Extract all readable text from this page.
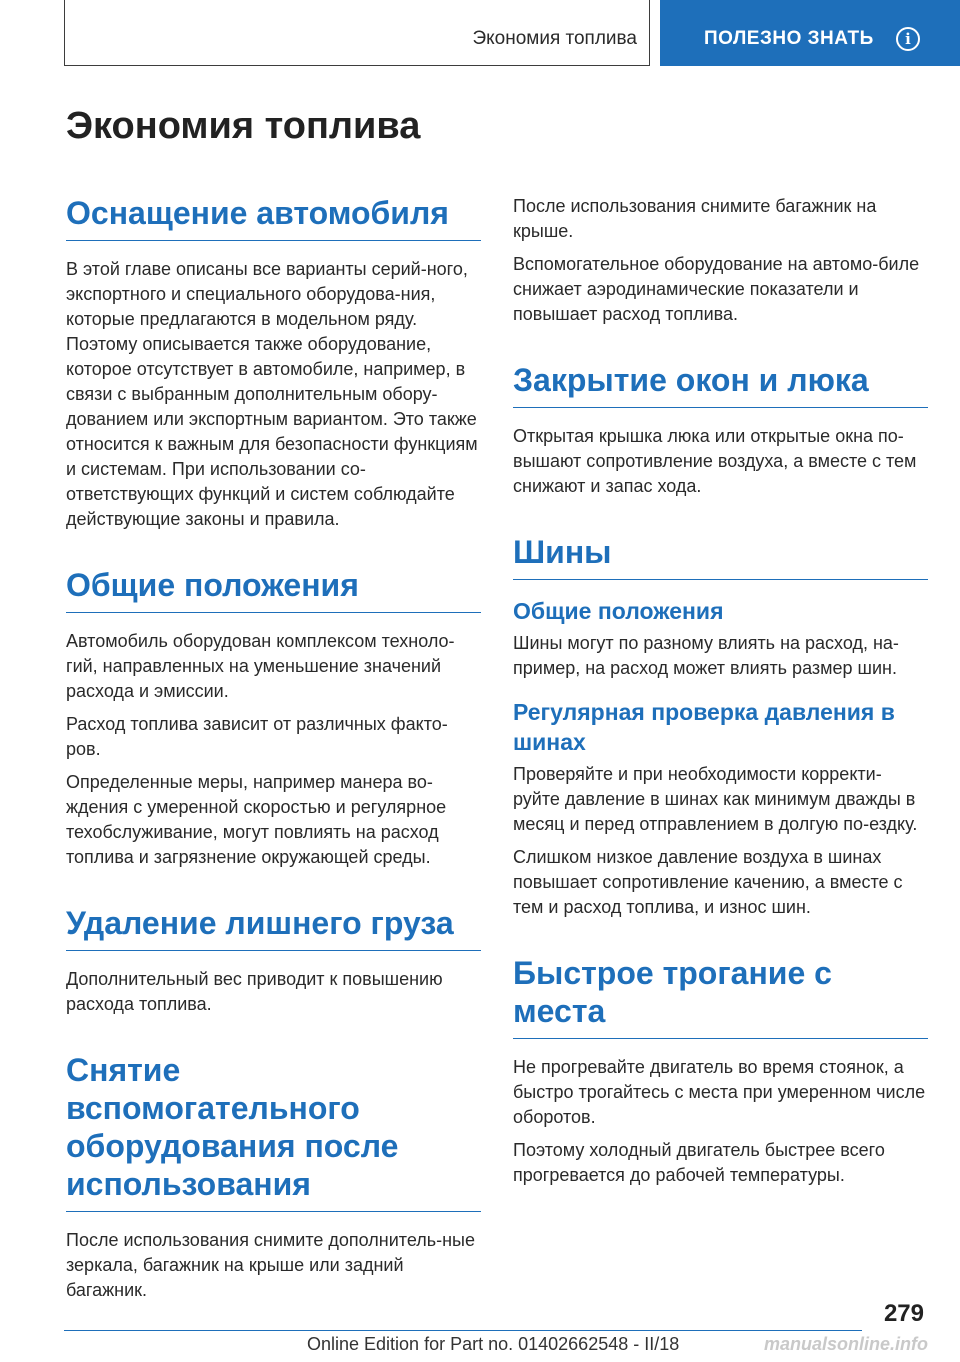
Экономия топлива	ПОЛЕЗНО ЗНАТЬ	i
Экономия топлива
Оснащение автомобиля

В этой главе описаны все варианты серий-ного, экспортного и специального оборудова-ния, которые предлагаются в модельном ряду. Поэтому описывается также оборудование, которое отсутствует в автомобиле, например, в связи с выбранным дополнительным обору-дованием или экспортным вариантом. Это также относится к важным для безопасности функциям и системам. При использовании со-ответствующих функций и систем соблюдайте действующие законы и правила.

Общие положения

Автомобиль оборудован комплексом техноло-гий, направленных на уменьшение значений расхода и эмиссии.

Расход топлива зависит от различных факто-ров.

Определенные меры, например манера во-ждения с умеренной скоростью и регулярное техобслуживание, могут повлиять на расход топлива и загрязнение окружающей среды.

Удаление лишнего груза

Дополнительный вес приводит к повышению расхода топлива.

Снятие вспомогательного оборудования после использования

После использования снимите дополнитель-ные зеркала, багажник на крыше или задний багажник.

После использования снимите багажник на крыше.

Вспомогательное оборудование на автомо-биле снижает аэродинамические показатели и повышает расход топлива.

Закрытие окон и люка

Открытая крышка люка или открытые окна по-вышают сопротивление воздуха, а вместе с тем снижают и запас хода.

Шины
Общие положения

Шины могут по разному влиять на расход, на-пример, на расход может влиять размер шин.

Регулярная проверка давления в шинах

Проверяйте и при необходимости корректи-руйте давление в шинах как минимум дважды в месяц и перед отправлением в долгую по-ездку.

Слишком низкое давление воздуха в шинах повышает сопротивление качению, а вместе с тем и расход топлива, и износ шин.

Быстрое трогание с места

Не прогревайте двигатель во время стоянок, а быстро трогайтесь с места при умеренном числе оборотов.

Поэтому холодный двигатель быстрее всего прогревается до рабочей температуры.

279
Online Edition for Part no. 01402662548 - II/18	manualsonline.info
